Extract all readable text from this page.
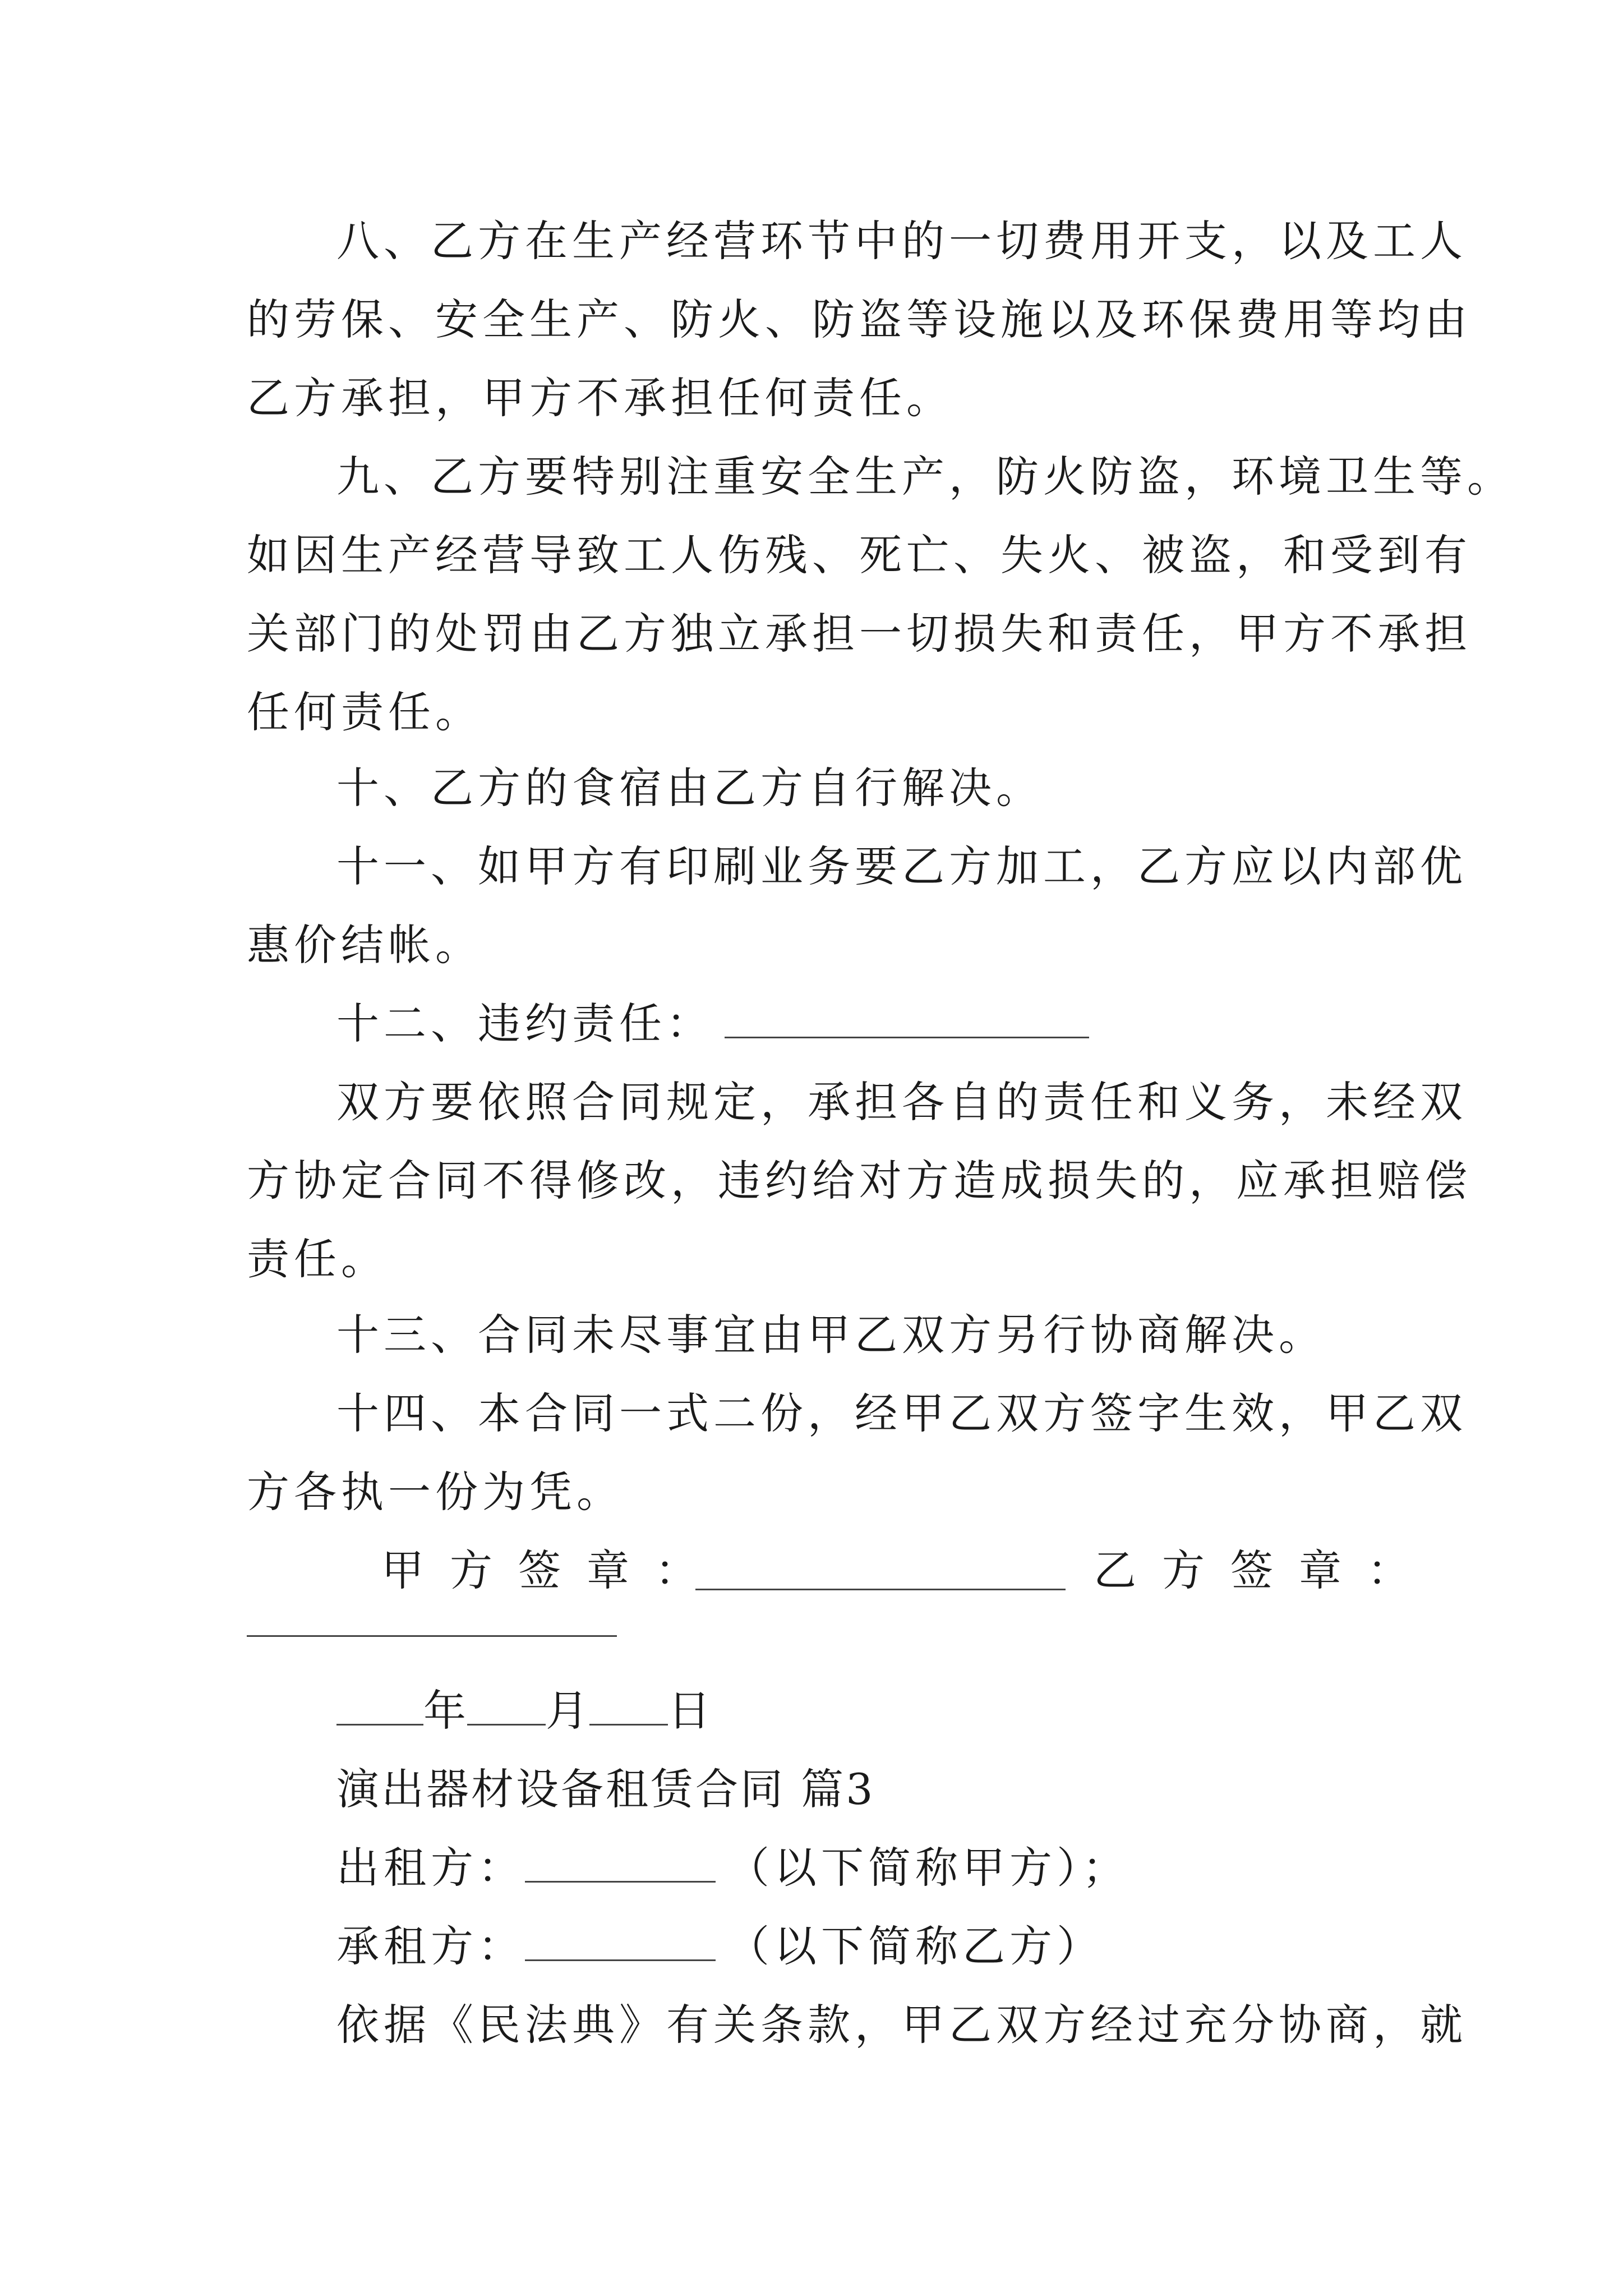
八、乙方在生产经营环节中的一切费用开支，以及工人
的劳保、安全生产、防火、防盗等设施以及环保费用等均由
乙方承担，甲方不承担任何责任。
九、乙方要特别注重安全生产，防火防盗，环境卫生等。
如因生产经营导致工人伤残、死亡、失火、被盗，和受到有
关部门的处罚由乙方独立承担一切损失和责任，甲方不承担
任何责任。
十、乙方的食宿由乙方自行解决。
十一、如甲方有印刷业务要乙方加工，乙方应以内部优
惠价结帐。
十二、违约责任：
双方要依照合同规定，承担各自的责任和义务，未经双
方协定合同不得修改，违约给对方造成损失的，应承担赔偿
责任。
十三、合同未尽事宜由甲乙双方另行协商解决。
十四、本合同一式二份，经甲乙双方签字生效，甲乙双
方各执一份为凭。
甲方签章：	乙方签章：
年 月 日
演出器材设备租赁合同 篇3
出租方：	（以下简称甲方）；
承租方：	（以下简称乙方）
依据《民法典》有关条款，甲乙双方经过充分协商，就
